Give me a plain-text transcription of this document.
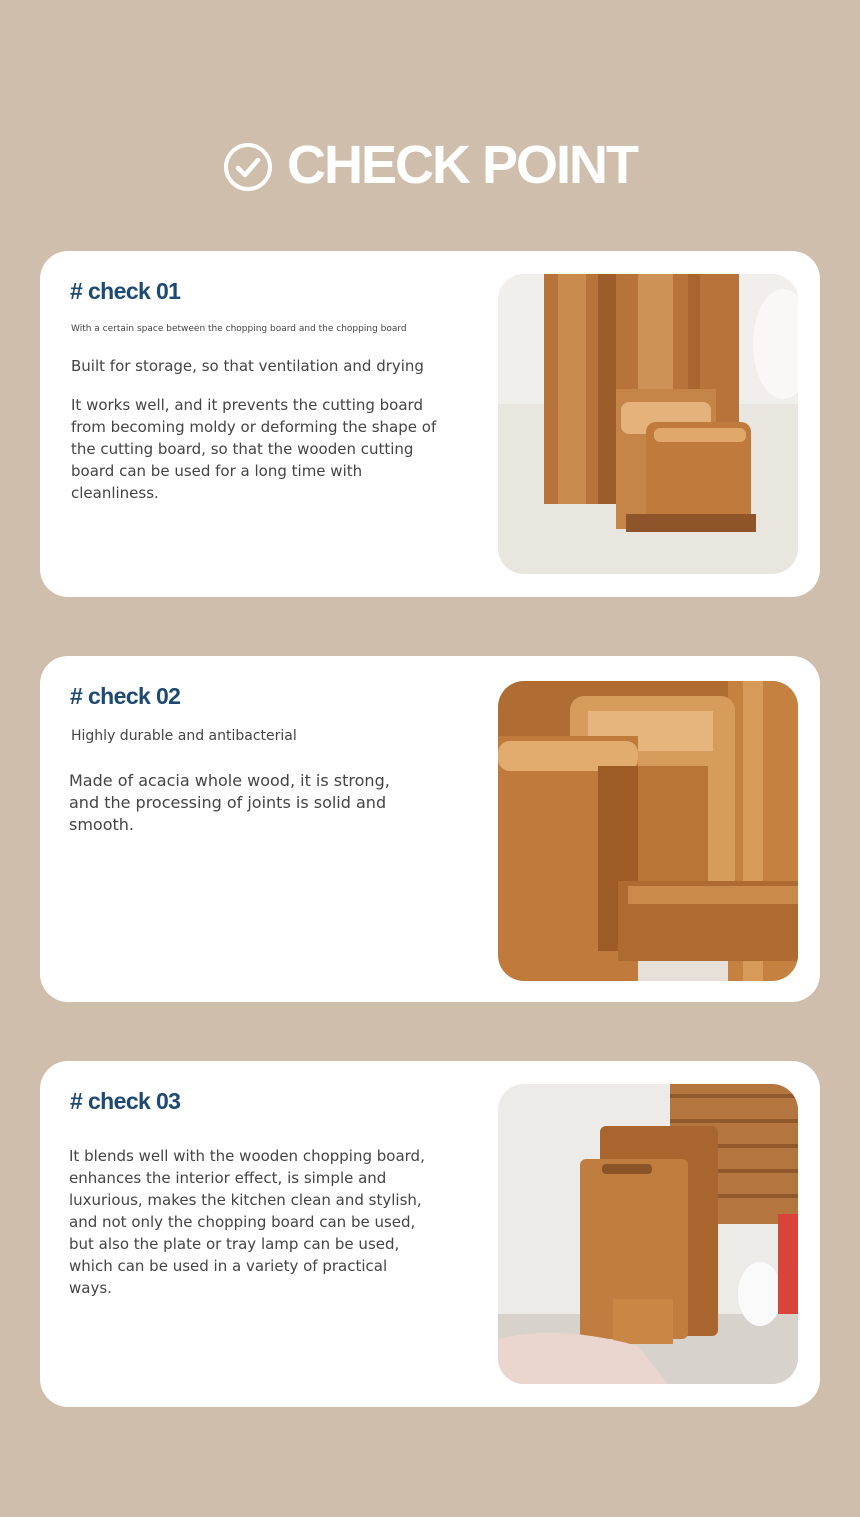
CHECK POINT
# check 01
With a certain space between the chopping board and the chopping board
Built for storage, so that ventilation and drying
It works well, and it prevents the cutting board from becoming moldy or deforming the shape of the cutting board, so that the wooden cutting board can be used for a long time with cleanliness.
# check 02
Highly durable and antibacterial
Made of acacia whole wood, it is strong, and the processing of joints is solid and smooth.
# check 03
It blends well with the wooden chopping board, enhances the interior effect, is simple and luxurious, makes the kitchen clean and stylish, and not only the chopping board can be used, but also the plate or tray lamp can be used, which can be used in a variety of practical ways.
